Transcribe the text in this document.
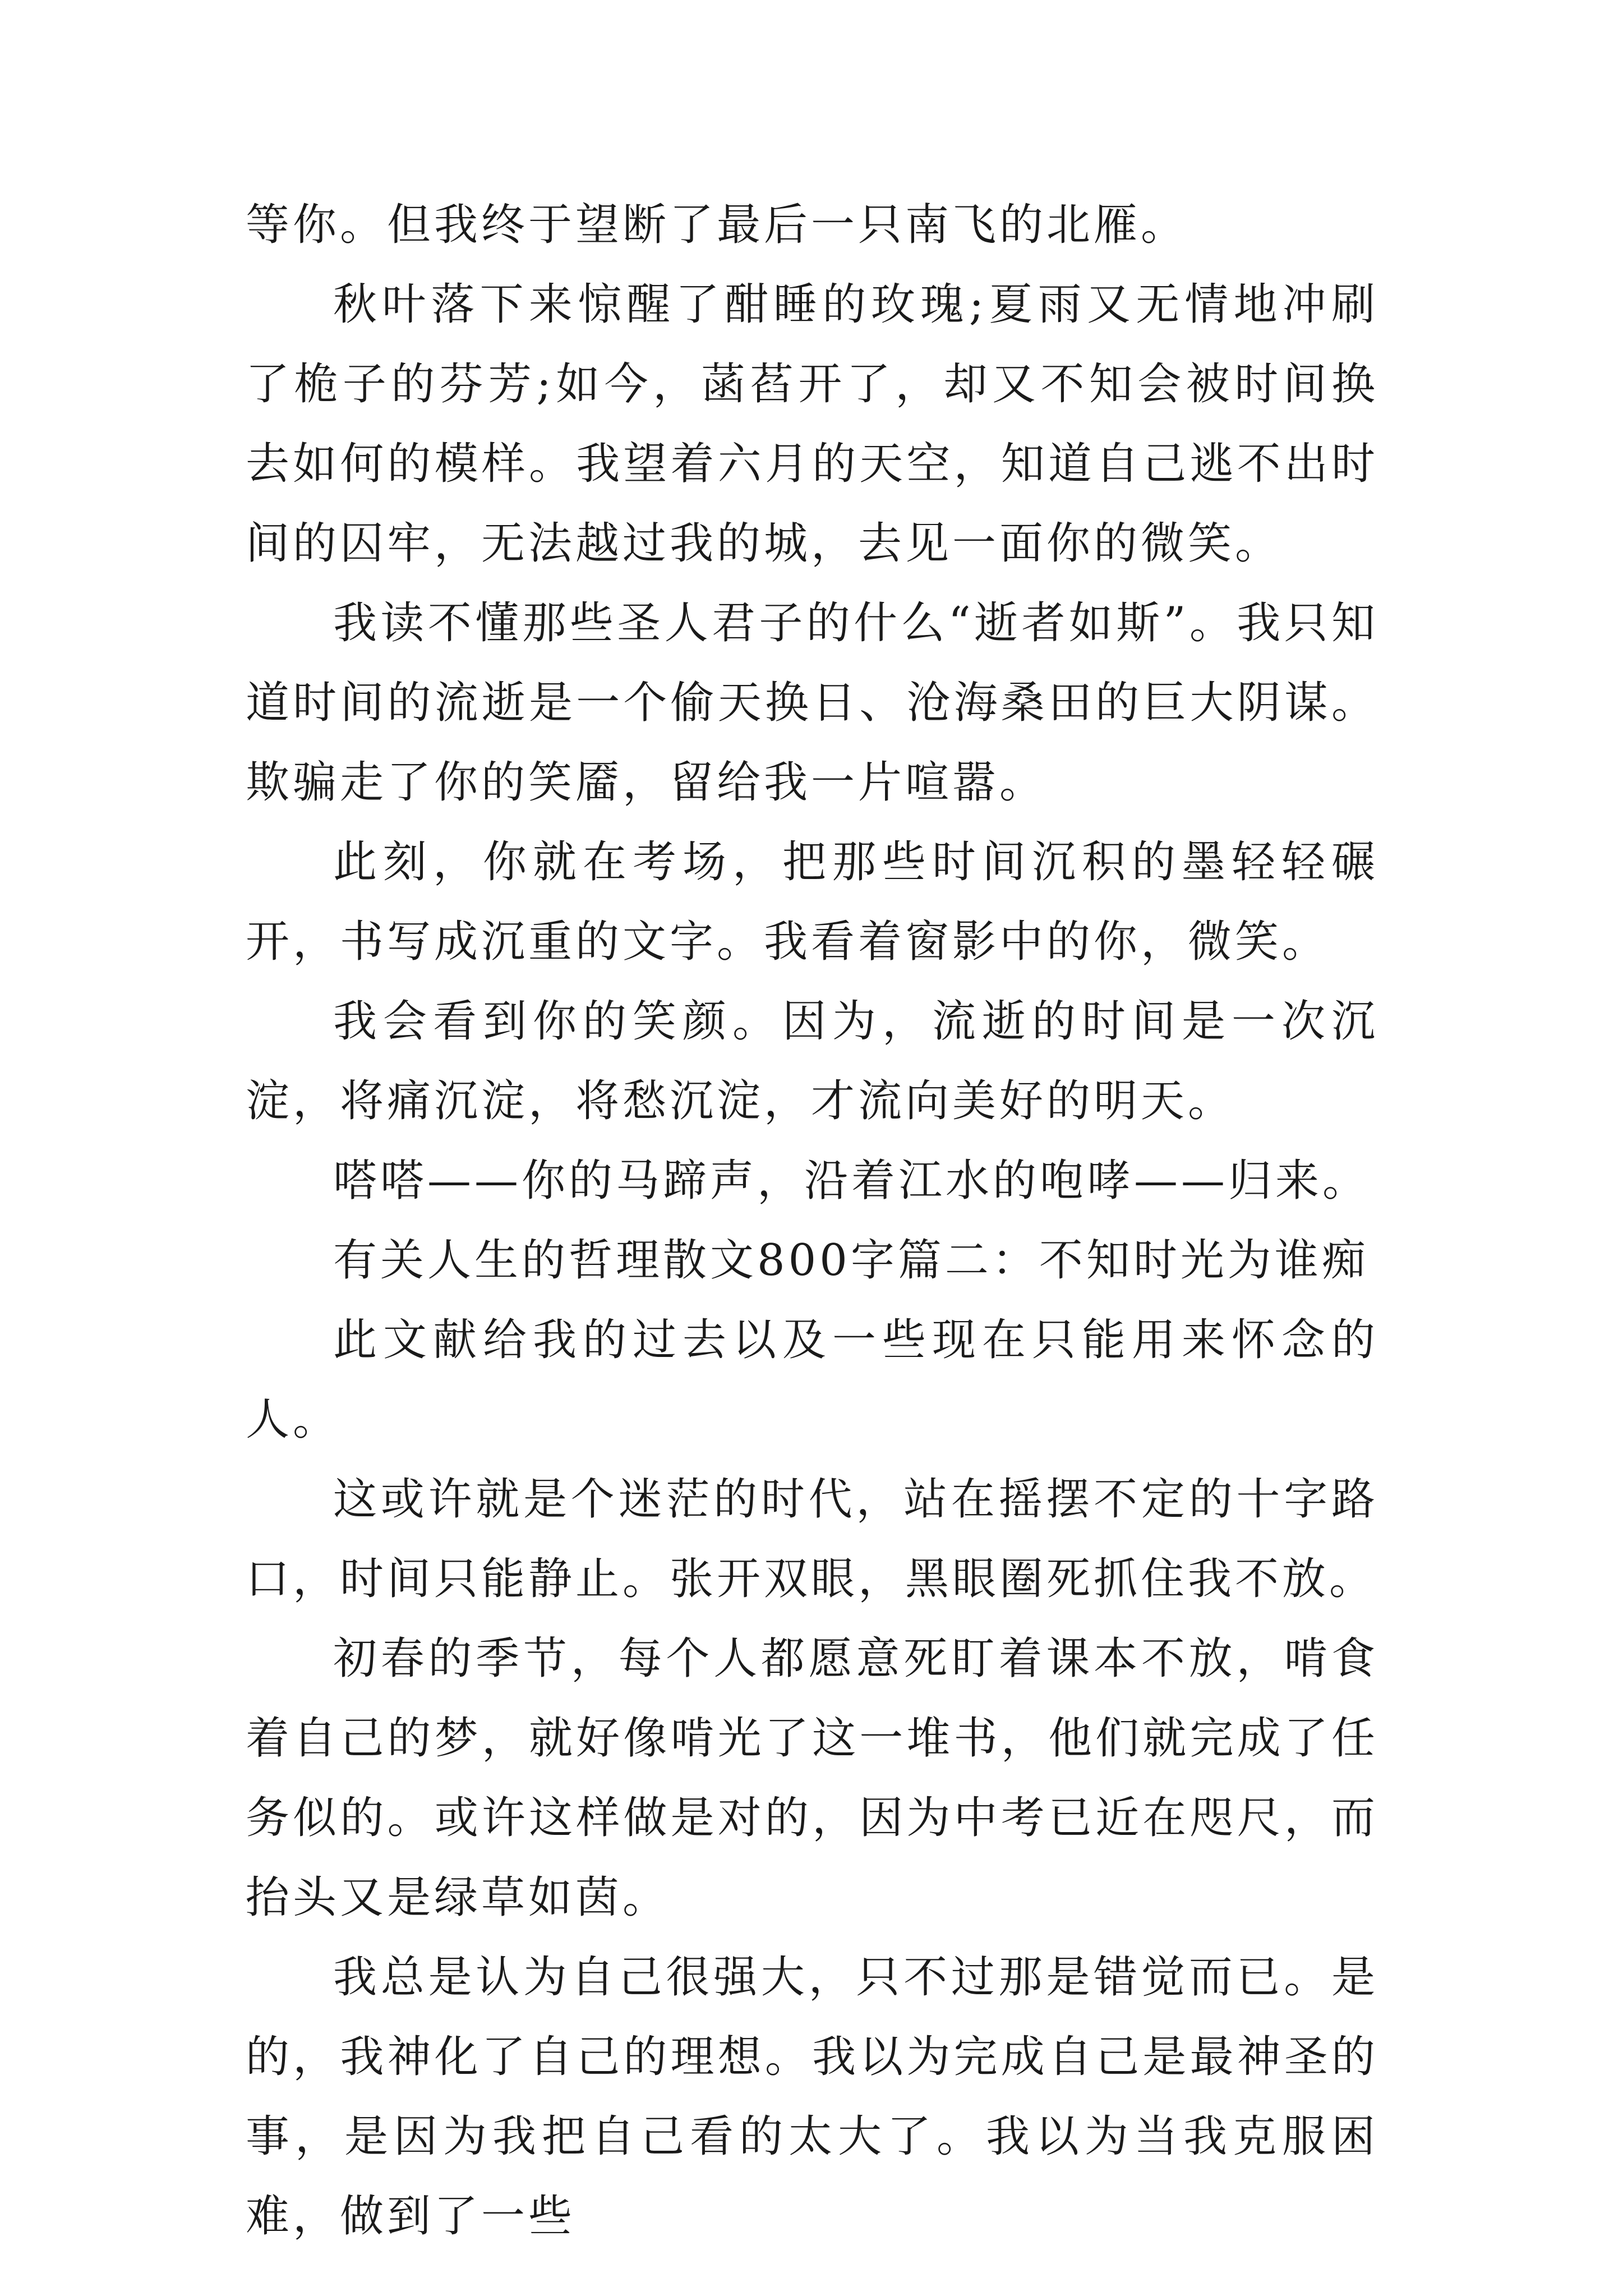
等你。但我终于望断了最后一只南飞的北雁。

秋叶落下来惊醒了酣睡的玫瑰;夏雨又无情地冲刷了桅子的芬芳;如今，菡萏开了，却又不知会被时间换去如何的模样。我望着六月的天空，知道自己逃不出时间的囚牢，无法越过我的城，去见一面你的微笑。

我读不懂那些圣人君子的什么“逝者如斯”。我只知道时间的流逝是一个偷天换日、沧海桑田的巨大阴谋。欺骗走了你的笑靥，留给我一片喧嚣。

此刻，你就在考场，把那些时间沉积的墨轻轻碾开，书写成沉重的文字。我看着窗影中的你，微笑。

我会看到你的笑颜。因为，流逝的时间是一次沉淀，将痛沉淀，将愁沉淀，才流向美好的明天。

嗒嗒——你的马蹄声，沿着江水的咆哮——归来。

有关人生的哲理散文800字篇二：不知时光为谁痴

此文献给我的过去以及一些现在只能用来怀念的人。

这或许就是个迷茫的时代，站在摇摆不定的十字路口，时间只能静止。张开双眼，黑眼圈死抓住我不放。

初春的季节，每个人都愿意死盯着课本不放，啃食着自己的梦，就好像啃光了这一堆书，他们就完成了任务似的。或许这样做是对的，因为中考已近在咫尺，而抬头又是绿草如茵。

我总是认为自己很强大，只不过那是错觉而已。是的，我神化了自己的理想。我以为完成自己是最神圣的事，是因为我把自己看的太大了。我以为当我克服困难，做到了一些
